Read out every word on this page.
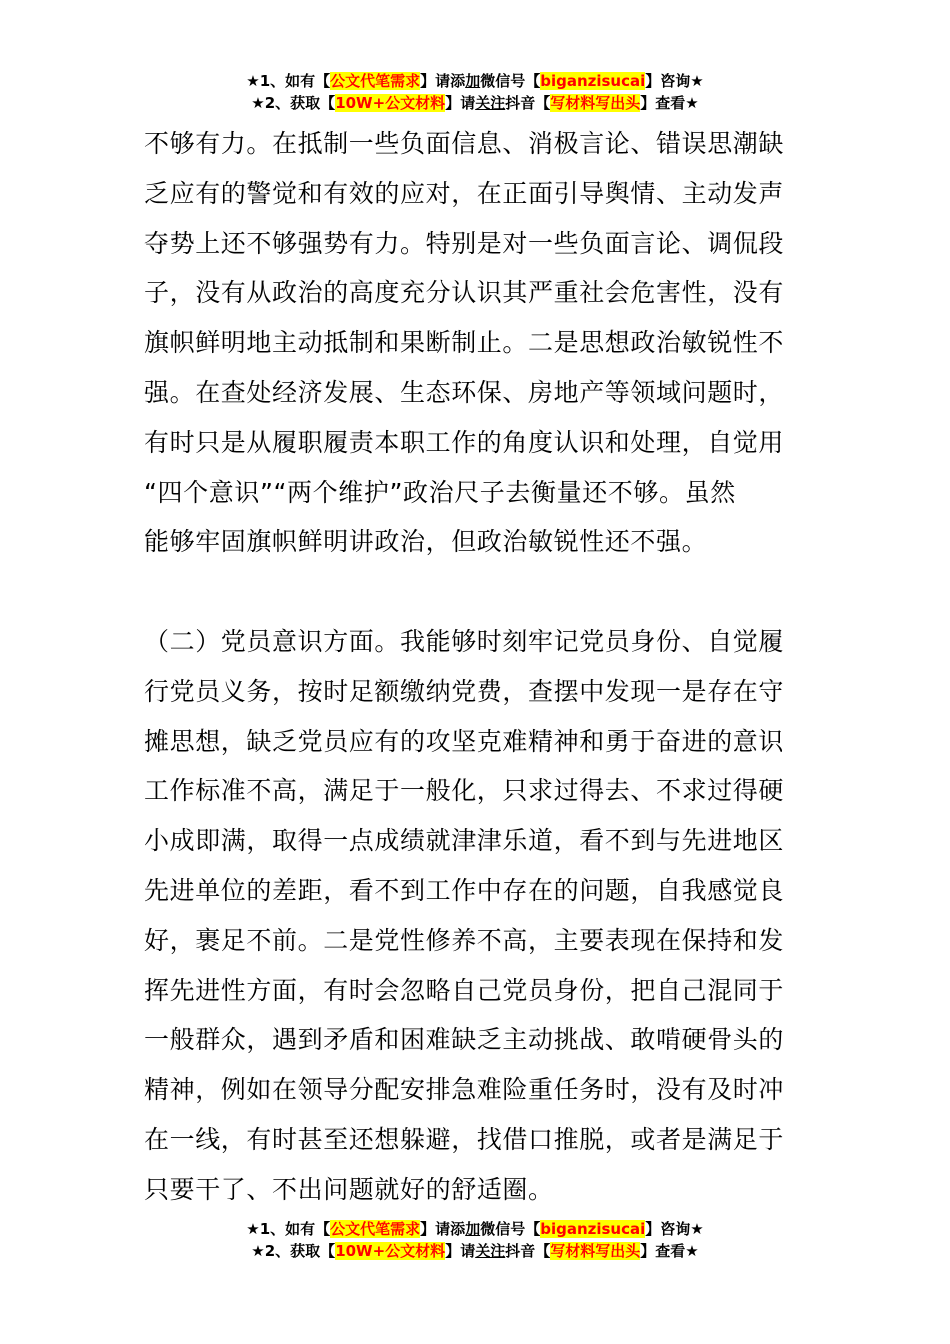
★1、如有【公文代笔需求】请添加微信号【biganzisucai】咨询★
★2、获取【10W+公文材料】请关注抖音【写材料写出头】查看★
不够有力。在抵制一些负面信息、消极言论、错误思潮缺
乏应有的警觉和有效的应对，在正面引导舆情、主动发声
夺势上还不够强势有力。特别是对一些负面言论、调侃段
子，没有从政治的高度充分认识其严重社会危害性，没有
旗帜鲜明地主动抵制和果断制止。二是思想政治敏锐性不
强。在查处经济发展、生态环保、房地产等领域问题时，
有时只是从履职履责本职工作的角度认识和处理，自觉用
“四个意识”“两个维护”政治尺子去衡量还不够。虽然
能够牢固旗帜鲜明讲政治，但政治敏锐性还不强。
（二）党员意识方面。我能够时刻牢记党员身份、自觉履
行党员义务，按时足额缴纳党费，查摆中发现一是存在守
摊思想，缺乏党员应有的攻坚克难精神和勇于奋进的意识
工作标准不高，满足于一般化，只求过得去、不求过得硬
小成即满，取得一点成绩就津津乐道，看不到与先进地区
先进单位的差距，看不到工作中存在的问题，自我感觉良
好，裹足不前。二是党性修养不高，主要表现在保持和发
挥先进性方面，有时会忽略自己党员身份，把自己混同于
一般群众，遇到矛盾和困难缺乏主动挑战、敢啃硬骨头的
精神，例如在领导分配安排急难险重任务时，没有及时冲
在一线，有时甚至还想躲避，找借口推脱，或者是满足于
只要干了、不出问题就好的舒适圈。
★1、如有【公文代笔需求】请添加微信号【biganzisucai】咨询★
★2、获取【10W+公文材料】请关注抖音【写材料写出头】查看★
